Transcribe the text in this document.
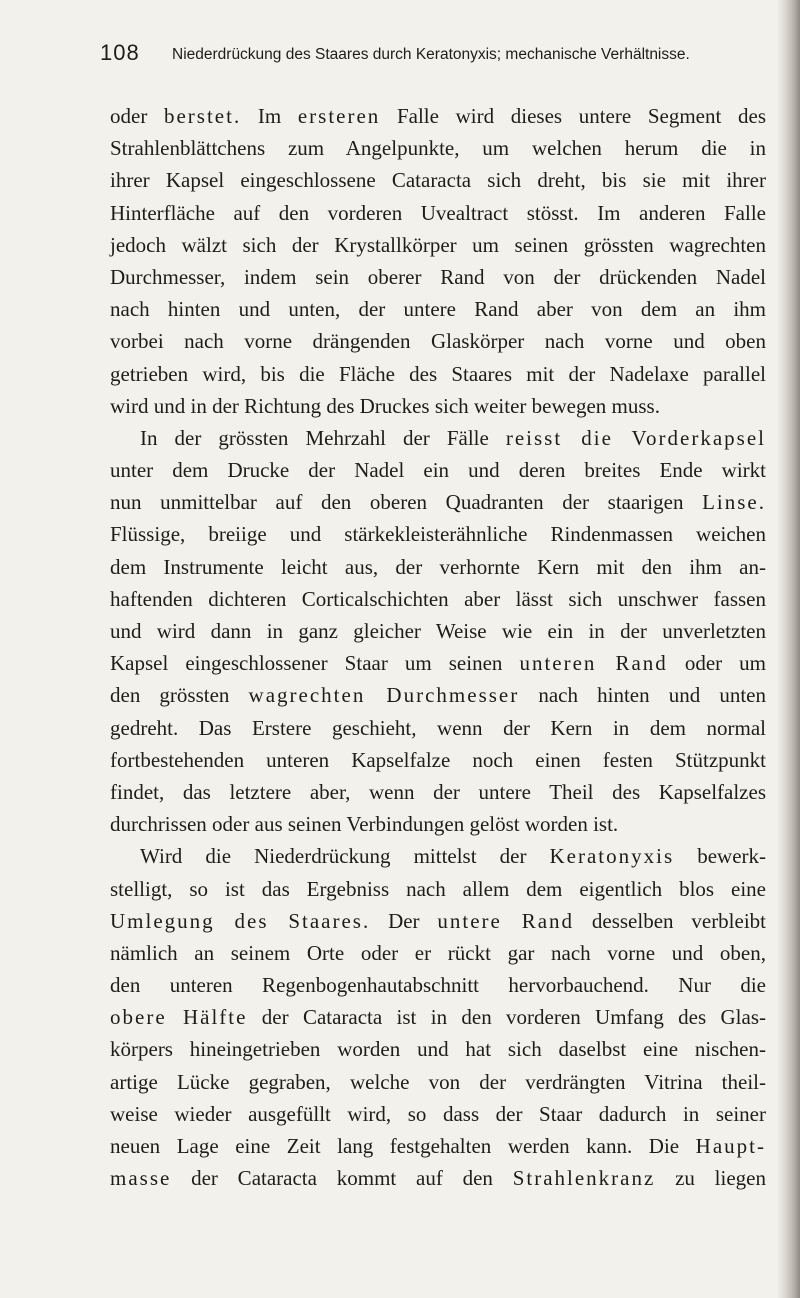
108 Niederdrückung des Staares durch Keratonyxis; mechanische Verhältnisse.
oder berstet. Im ersteren Falle wird dieses untere Segment des
Strahlenblättchens zum Angelpunkte, um welchen herum die in
ihrer Kapsel eingeschlossene Cataracta sich dreht, bis sie mit ihrer
Hinterfläche auf den vorderen Uvealtract stösst. Im anderen Falle
jedoch wälzt sich der Krystallkörper um seinen grössten wagrechten
Durchmesser, indem sein oberer Rand von der drückenden Nadel
nach hinten und unten, der untere Rand aber von dem an ihm
vorbei nach vorne drängenden Glaskörper nach vorne und oben
getrieben wird, bis die Fläche des Staares mit der Nadelaxe parallel
wird und in der Richtung des Druckes sich weiter bewegen muss.
In der grössten Mehrzahl der Fälle reisst die Vorderkapsel
unter dem Drucke der Nadel ein und deren breites Ende wirkt
nun unmittelbar auf den oberen Quadranten der staarigen Linse.
Flüssige, breiige und stärkekleisterähnliche Rindenmassen weichen
dem Instrumente leicht aus, der verhornte Kern mit den ihm an-
haftenden dichteren Corticalschichten aber lässt sich unschwer fassen
und wird dann in ganz gleicher Weise wie ein in der unverletzten
Kapsel eingeschlossener Staar um seinen unteren Rand oder um
den grössten wagrechten Durchmesser nach hinten und unten
gedreht. Das Erstere geschieht, wenn der Kern in dem normal
fortbestehenden unteren Kapselfalze noch einen festen Stützpunkt
findet, das letztere aber, wenn der untere Theil des Kapselfalzes
durchrissen oder aus seinen Verbindungen gelöst worden ist.
Wird die Niederdrückung mittelst der Keratonyxis bewerk-
stelligt, so ist das Ergebniss nach allem dem eigentlich blos eine
Umlegung des Staares. Der untere Rand desselben verbleibt
nämlich an seinem Orte oder er rückt gar nach vorne und oben,
den unteren Regenbogenhautabschnitt hervorbauchend. Nur die
obere Hälfte der Cataracta ist in den vorderen Umfang des Glas-
körpers hineingetrieben worden und hat sich daselbst eine nischen-
artige Lücke gegraben, welche von der verdrängten Vitrina theil-
weise wieder ausgefüllt wird, so dass der Staar dadurch in seiner
neuen Lage eine Zeit lang festgehalten werden kann. Die Haupt-
masse der Cataracta kommt auf den Strahlenkranz zu liegen
